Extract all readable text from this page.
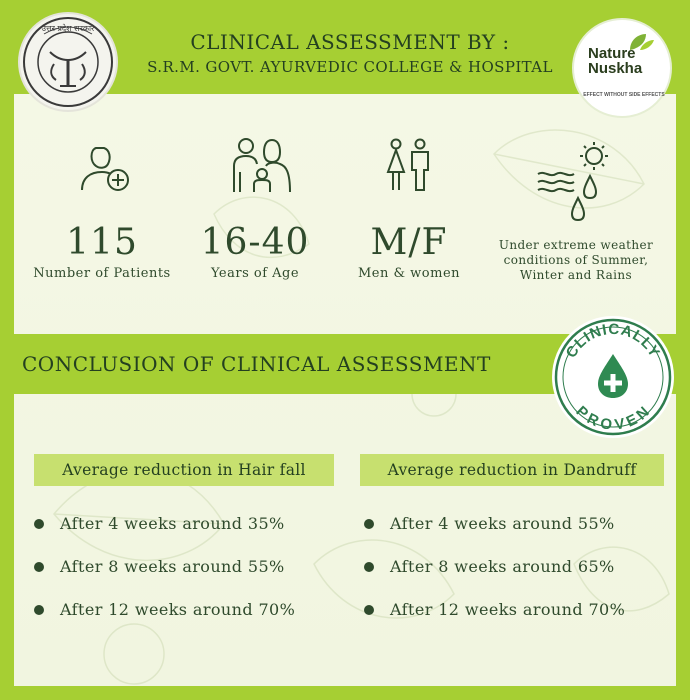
CLINICAL ASSESSMENT BY :
S.R.M. GOVT. AYURVEDIC COLLEGE & HOSPITAL
उत्तर प्रदेश सरकार
Nature
Nuskha
EFFECT WITHOUT SIDE EFFECTS
115
Number of Patients
16-40
Years of Age
M/F
Men & women
Under extreme weather
conditions of Summer,
Winter and Rains
CONCLUSION OF CLINICAL ASSESSMENT
CLINICALLY
PROVEN
Average reduction in Hair fall
After 4 weeks around 35%
After 8 weeks around 55%
After 12 weeks around 70%
Average reduction in Dandruff
After 4 weeks around 55%
After 8 weeks around 65%
After 12 weeks around 70%
